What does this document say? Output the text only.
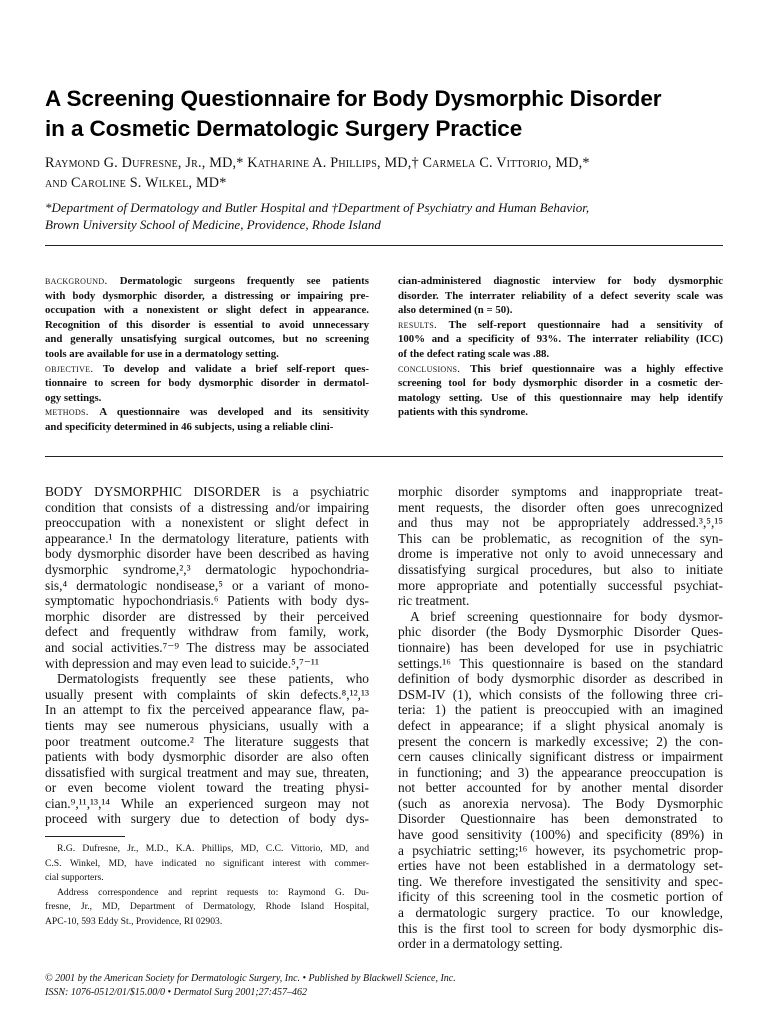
A Screening Questionnaire for Body Dysmorphic Disorder
in a Cosmetic Dermatologic Surgery Practice
Raymond G. Dufresne, Jr., MD,* Katharine A. Phillips, MD,† Carmela C. Vittorio, MD,*
and Caroline S. Wilkel, MD*
*Department of Dermatology and Butler Hospital and †Department of Psychiatry and Human Behavior,
Brown University School of Medicine, Providence, Rhode Island
background. Dermatologic surgeons frequently see patients
with body dysmorphic disorder, a distressing or impairing pre-
occupation with a nonexistent or slight defect in appearance.
Recognition of this disorder is essential to avoid unnecessary
and generally unsatisfying surgical outcomes, but no screening
tools are available for use in a dermatology setting.
objective. To develop and validate a brief self-report ques-
tionnaire to screen for body dysmorphic disorder in dermatol-
ogy settings.
methods. A questionnaire was developed and its sensitivity
and specificity determined in 46 subjects, using a reliable clini-
cian-administered diagnostic interview for body dysmorphic
disorder. The interrater reliability of a defect severity scale was
also determined (n = 50).
results. The self-report questionnaire had a sensitivity of
100% and a specificity of 93%. The interrater reliability (ICC)
of the defect rating scale was .88.
conclusions. This brief questionnaire was a highly effective
screening tool for body dysmorphic disorder in a cosmetic der-
matology setting. Use of this questionnaire may help identify
patients with this syndrome.
BODY DYSMORPHIC DISORDER is a psychiatric
condition that consists of a distressing and/or impairing
preoccupation with a nonexistent or slight defect in
appearance.¹ In the dermatology literature, patients with
body dysmorphic disorder have been described as having
dysmorphic syndrome,²,³ dermatologic hypochondria-
sis,⁴ dermatologic nondisease,⁵ or a variant of mono-
symptomatic hypochondriasis.⁶ Patients with body dys-
morphic disorder are distressed by their perceived
defect and frequently withdraw from family, work,
and social activities.⁷⁻⁹ The distress may be associated
with depression and may even lead to suicide.⁵,⁷⁻¹¹
Dermatologists frequently see these patients, who
usually present with complaints of skin defects.⁸,¹²,¹³
In an attempt to fix the perceived appearance flaw, pa-
tients may see numerous physicians, usually with a
poor treatment outcome.² The literature suggests that
patients with body dysmorphic disorder are also often
dissatisfied with surgical treatment and may sue, threaten,
or even become violent toward the treating physi-
cian.⁹,¹¹,¹³,¹⁴ While an experienced surgeon may not
proceed with surgery due to detection of body dys-
morphic disorder symptoms and inappropriate treat-
ment requests, the disorder often goes unrecognized
and thus may not be appropriately addressed.³,⁵,¹⁵
This can be problematic, as recognition of the syn-
drome is imperative not only to avoid unnecessary and
dissatisfying surgical procedures, but also to initiate
more appropriate and potentially successful psychiat-
ric treatment.
A brief screening questionnaire for body dysmor-
phic disorder (the Body Dysmorphic Disorder Ques-
tionnaire) has been developed for use in psychiatric
settings.¹⁶ This questionnaire is based on the standard
definition of body dysmorphic disorder as described in
DSM-IV (1), which consists of the following three cri-
teria: 1) the patient is preoccupied with an imagined
defect in appearance; if a slight physical anomaly is
present the concern is markedly excessive; 2) the con-
cern causes clinically significant distress or impairment
in functioning; and 3) the appearance preoccupation is
not better accounted for by another mental disorder
(such as anorexia nervosa). The Body Dysmorphic
Disorder Questionnaire has been demonstrated to
have good sensitivity (100%) and specificity (89%) in
a psychiatric setting;¹⁶ however, its psychometric prop-
erties have not been established in a dermatology set-
ting. We therefore investigated the sensitivity and spec-
ificity of this screening tool in the cosmetic portion of
a dermatologic surgery practice. To our knowledge,
this is the first tool to screen for body dysmorphic dis-
order in a dermatology setting.
R.G. Dufresne, Jr., M.D., K.A. Phillips, MD, C.C. Vittorio, MD, and
C.S. Winkel, MD, have indicated no significant interest with commer-
cial supporters.
Address correspondence and reprint requests to: Raymond G. Du-
fresne, Jr., MD, Department of Dermatology, Rhode Island Hospital,
APC-10, 593 Eddy St., Providence, RI 02903.
© 2001 by the American Society for Dermatologic Surgery, Inc. • Published by Blackwell Science, Inc.
ISSN: 1076-0512/01/$15.00/0 • Dermatol Surg 2001;27:457–462
